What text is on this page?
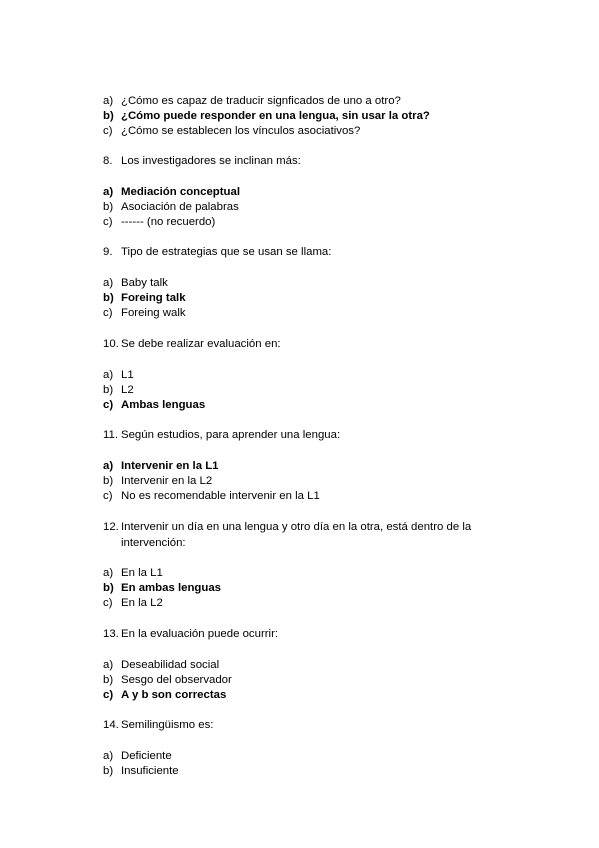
a) ¿Cómo es capaz de traducir signficados de uno a otro?
b) ¿Cómo puede responder en una lengua, sin usar la otra?
c) ¿Cómo se establecen los vínculos asociativos?
8. Los investigadores se inclinan más:
a) Mediación conceptual
b) Asociación de palabras
c) ------ (no recuerdo)
9. Tipo de estrategias que se usan se llama:
a) Baby talk
b) Foreing talk
c) Foreing walk
10. Se debe realizar evaluación en:
a) L1
b) L2
c) Ambas lenguas
11. Según estudios, para aprender una lengua:
a) Intervenir en la L1
b) Intervenir en la L2
c) No es recomendable intervenir en la L1
12. Intervenir un día en una lengua y otro día en la otra, está dentro de la
intervención:
a) En la L1
b) En ambas lenguas
c) En la L2
13. En la evaluación puede ocurrir:
a) Deseabilidad social
b) Sesgo del observador
c) A y b son correctas
14. Semilingüismo es:
a) Deficiente
b) Insuficiente
